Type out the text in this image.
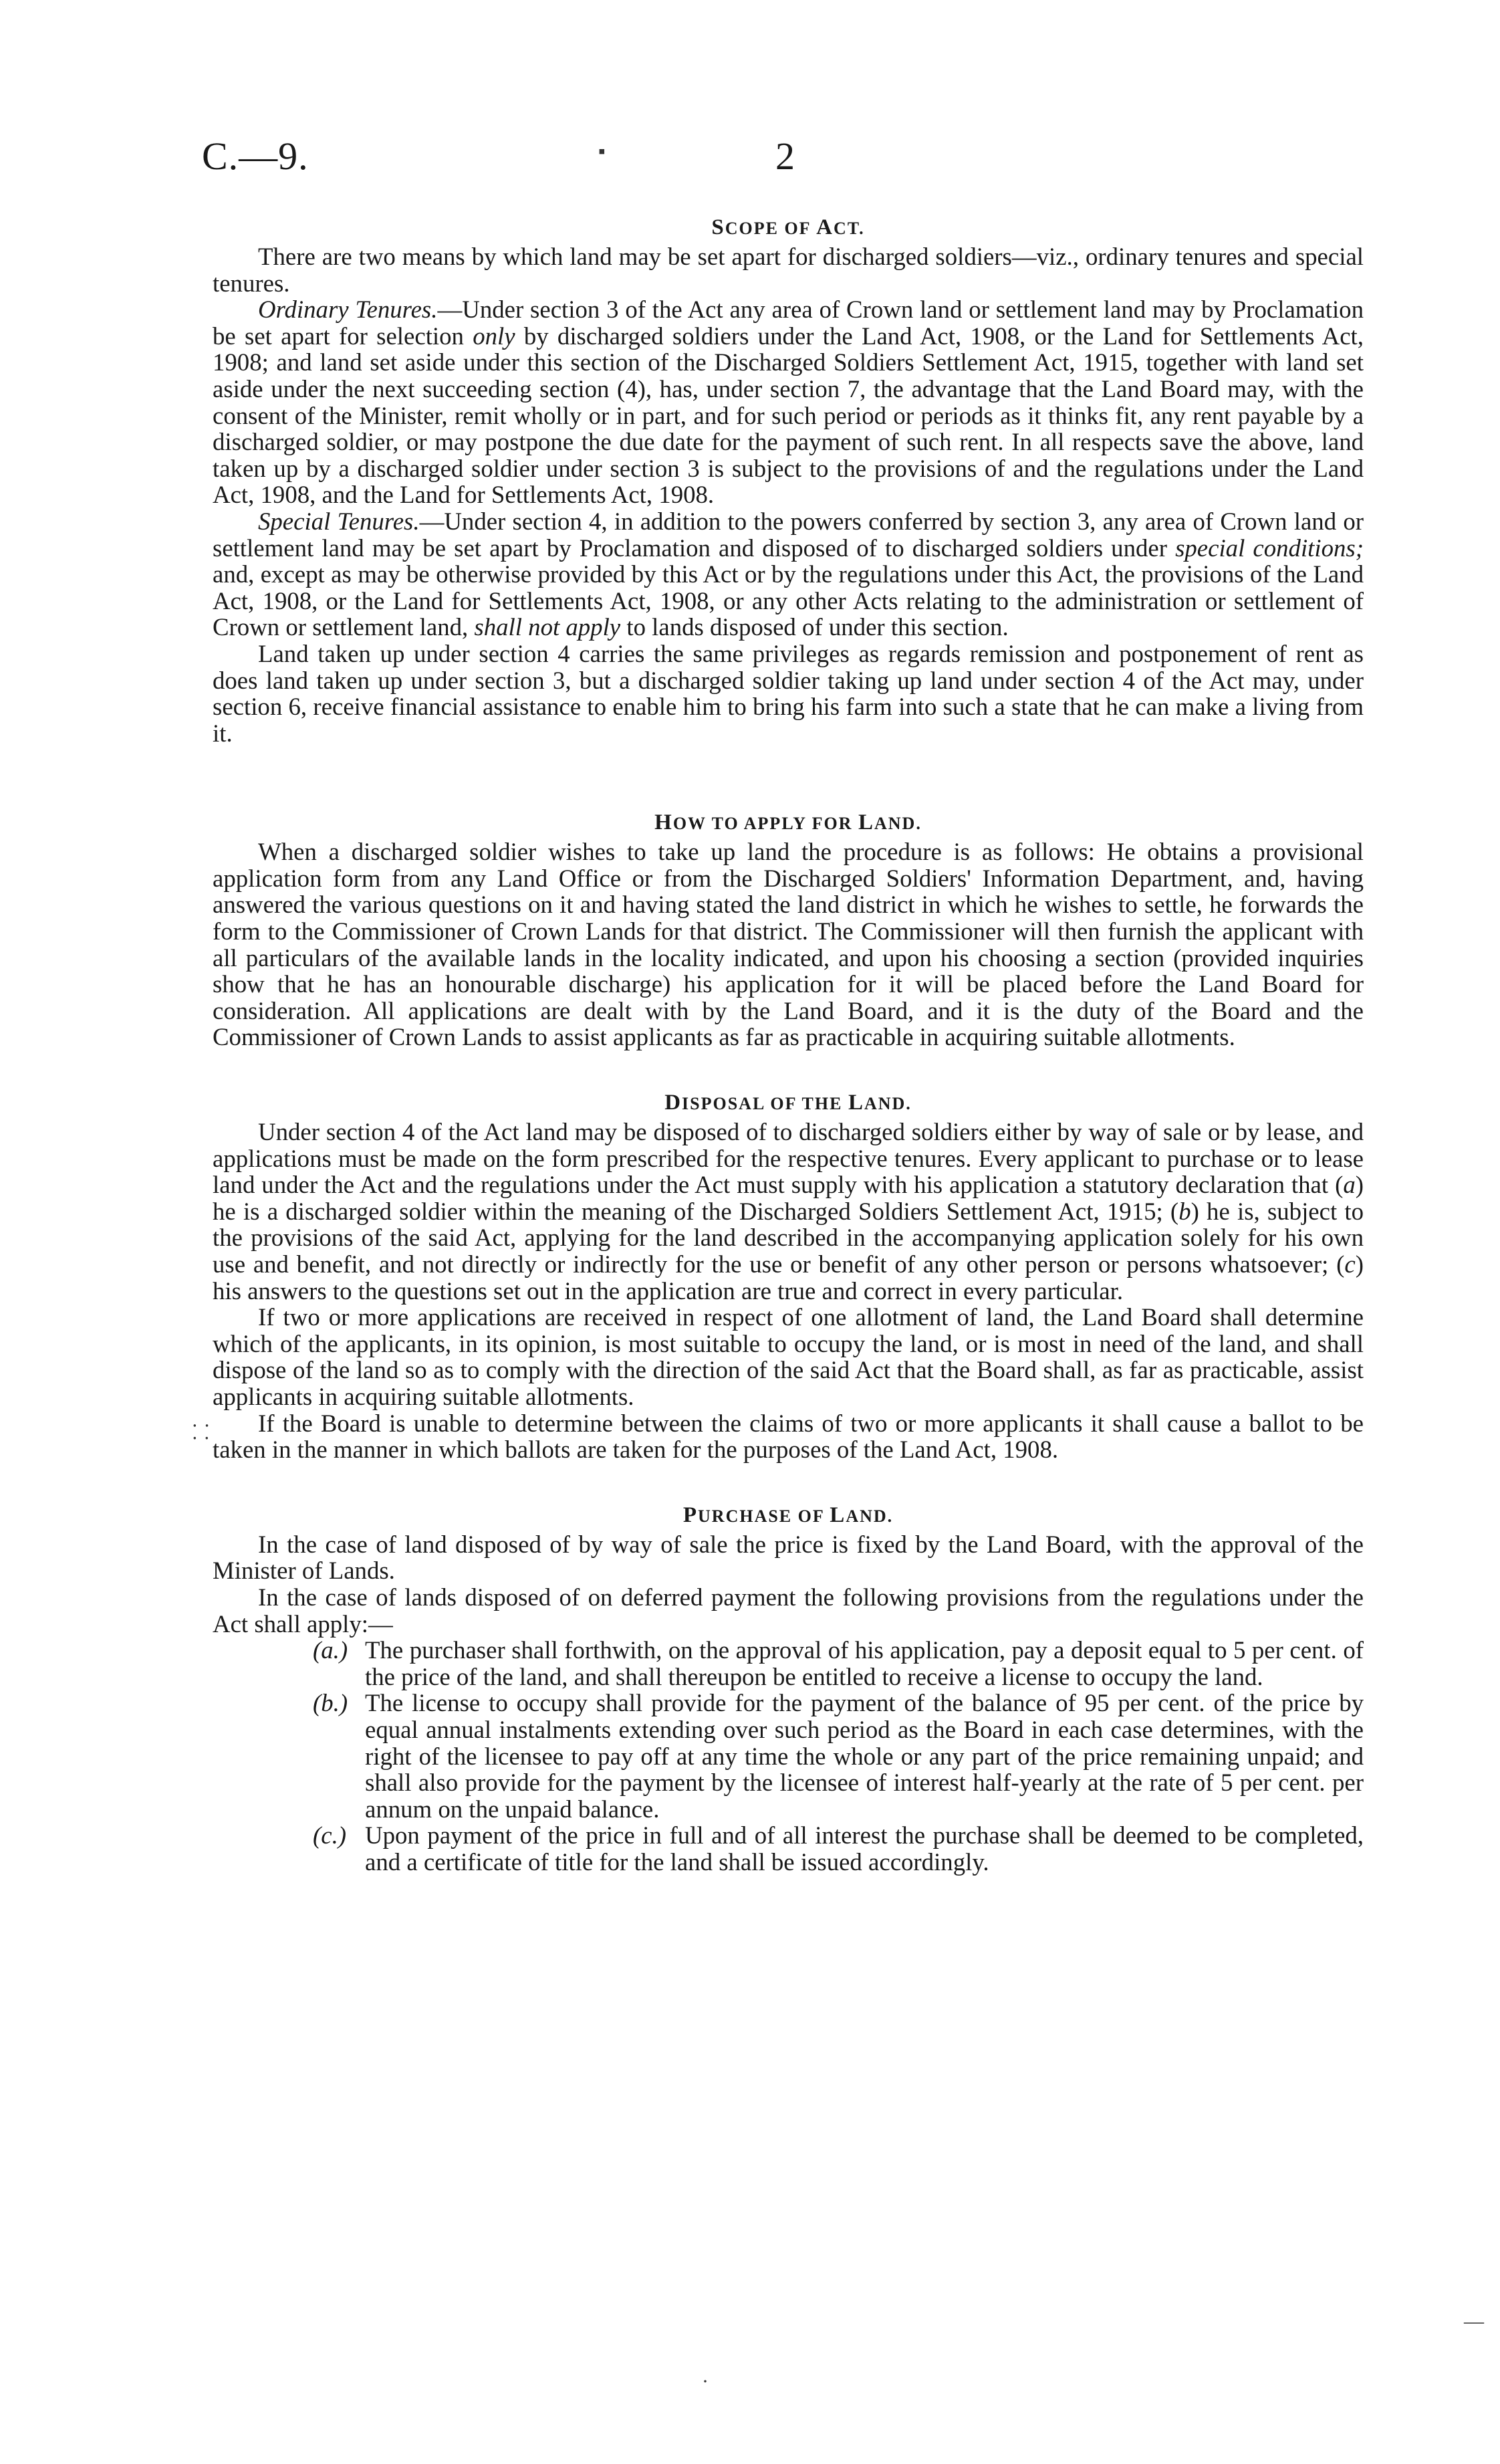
C.—9.	2
SCOPE OF ACT.

There are two means by which land may be set apart for discharged soldiers—viz., ordinary tenures and special tenures.

Ordinary Tenures.—Under section 3 of the Act any area of Crown land or settlement land may by Proclamation be set apart for selection only by discharged soldiers under the Land Act, 1908, or the Land for Settlements Act, 1908; and land set aside under this section of the Discharged Soldiers Settlement Act, 1915, together with land set aside under the next succeeding section (4), has, under section 7, the advantage that the Land Board may, with the consent of the Minister, remit wholly or in part, and for such period or periods as it thinks fit, any rent payable by a discharged soldier, or may postpone the due date for the payment of such rent. In all respects save the above, land taken up by a discharged soldier under section 3 is subject to the provisions of and the regulations under the Land Act, 1908, and the Land for Settlements Act, 1908.

Special Tenures.—Under section 4, in addition to the powers conferred by section 3, any area of Crown land or settlement land may be set apart by Proclamation and disposed of to discharged soldiers under special conditions; and, except as may be otherwise provided by this Act or by the regulations under this Act, the provisions of the Land Act, 1908, or the Land for Settlements Act, 1908, or any other Acts relating to the administration or settlement of Crown or settlement land, shall not apply to lands disposed of under this section.

Land taken up under section 4 carries the same privileges as regards remission and postponement of rent as does land taken up under section 3, but a discharged soldier taking up land under section 4 of the Act may, under section 6, receive financial assistance to enable him to bring his farm into such a state that he can make a living from it.

HOW TO APPLY FOR LAND.

When a discharged soldier wishes to take up land the procedure is as follows: He obtains a provisional application form from any Land Office or from the Discharged Soldiers' Information Department, and, having answered the various questions on it and having stated the land district in which he wishes to settle, he forwards the form to the Commissioner of Crown Lands for that district. The Commissioner will then furnish the applicant with all particulars of the available lands in the locality indicated, and upon his choosing a section (provided inquiries show that he has an honourable discharge) his application for it will be placed before the Land Board for consideration. All applications are dealt with by the Land Board, and it is the duty of the Board and the Commissioner of Crown Lands to assist applicants as far as practicable in acquiring suitable allotments.

DISPOSAL OF THE LAND.

Under section 4 of the Act land may be disposed of to discharged soldiers either by way of sale or by lease, and applications must be made on the form prescribed for the respective tenures. Every applicant to purchase or to lease land under the Act and the regulations under the Act must supply with his application a statutory declaration that (a) he is a discharged soldier within the meaning of the Discharged Soldiers Settlement Act, 1915; (b) he is, subject to the provisions of the said Act, applying for the land described in the accompanying application solely for his own use and benefit, and not directly or indirectly for the use or benefit of any other person or persons whatsoever; (c) his answers to the questions set out in the application are true and correct in every particular.

If two or more applications are received in respect of one allotment of land, the Land Board shall determine which of the applicants, in its opinion, is most suitable to occupy the land, or is most in need of the land, and shall dispose of the land so as to comply with the direction of the said Act that the Board shall, as far as practicable, assist applicants in acquiring suitable allotments.

If the Board is unable to determine between the claims of two or more applicants it shall cause a ballot to be taken in the manner in which ballots are taken for the purposes of the Land Act, 1908.

PURCHASE OF LAND.

In the case of land disposed of by way of sale the price is fixed by the Land Board, with the approval of the Minister of Lands.

In the case of lands disposed of on deferred payment the following provisions from the regulations under the Act shall apply:—

(a.) The purchaser shall forthwith, on the approval of his application, pay a deposit equal to 5 per cent. of the price of the land, and shall thereupon be entitled to receive a license to occupy the land.
(b.) The license to occupy shall provide for the payment of the balance of 95 per cent. of the price by equal annual instalments extending over such period as the Board in each case determines, with the right of the licensee to pay off at any time the whole or any part of the price remaining unpaid; and shall also provide for the payment by the licensee of interest half-yearly at the rate of 5 per cent. per annum on the unpaid balance.
(c.) Upon payment of the price in full and of all interest the purchase shall be deemed to be completed, and a certificate of title for the land shall be issued accordingly.
▪
⸬
—
·
